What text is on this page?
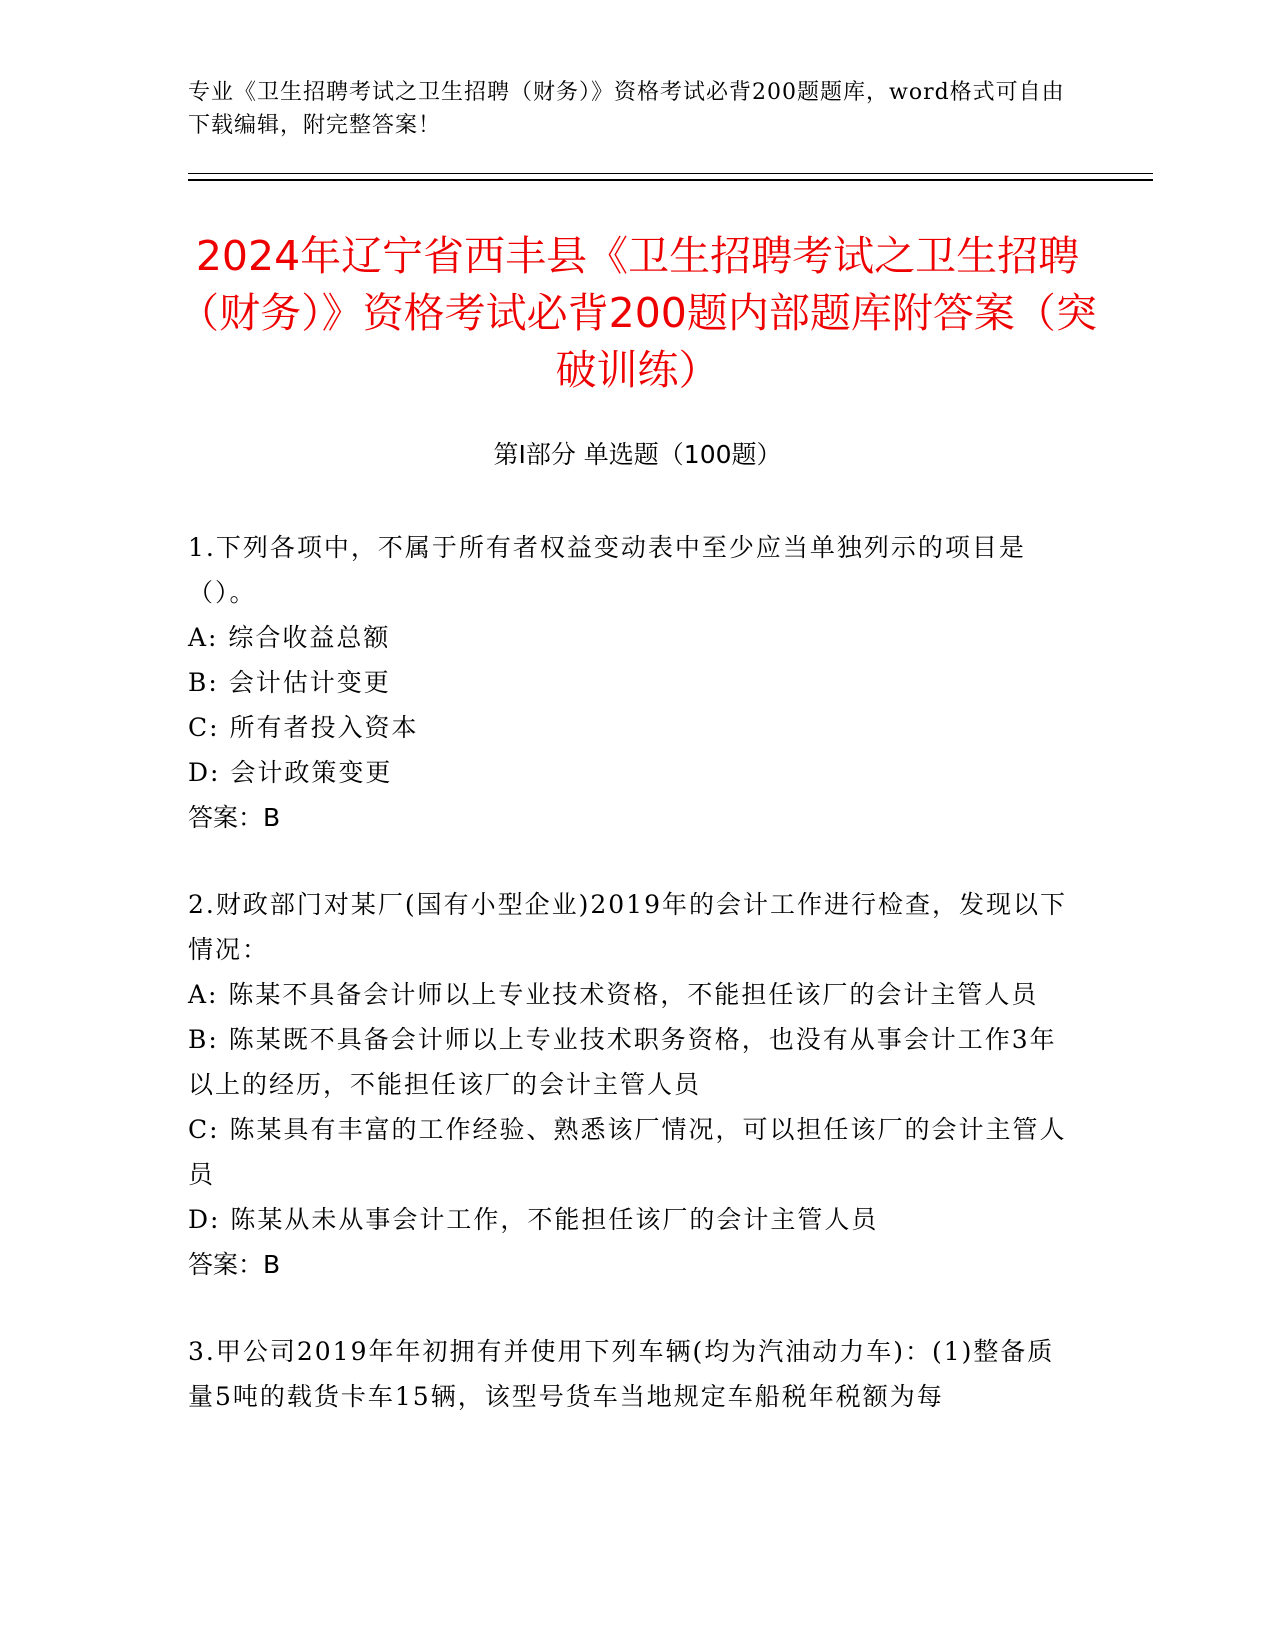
专业《卫生招聘考试之卫生招聘（财务）》资格考试必背200题题库，word格式可自由下载编辑，附完整答案！
2024年辽宁省西丰县《卫生招聘考试之卫生招聘（财务）》资格考试必背200题内部题库附答案（突破训练）
第Ⅰ部分 单选题（100题）
1.下列各项中，不属于所有者权益变动表中至少应当单独列示的项目是（）。
A: 综合收益总额
B: 会计估计变更
C: 所有者投入资本
D: 会计政策变更
答案：B
2.财政部门对某厂(国有小型企业)2019年的会计工作进行检查，发现以下情况：
A: 陈某不具备会计师以上专业技术资格，不能担任该厂的会计主管人员
B: 陈某既不具备会计师以上专业技术职务资格，也没有从事会计工作3年以上的经历，不能担任该厂的会计主管人员
C: 陈某具有丰富的工作经验、熟悉该厂情况，可以担任该厂的会计主管人员
D: 陈某从未从事会计工作，不能担任该厂的会计主管人员
答案：B
3.甲公司2019年年初拥有并使用下列车辆(均为汽油动力车)：(1)整备质量5吨的载货卡车15辆，该型号货车当地规定车船税年税额为每
